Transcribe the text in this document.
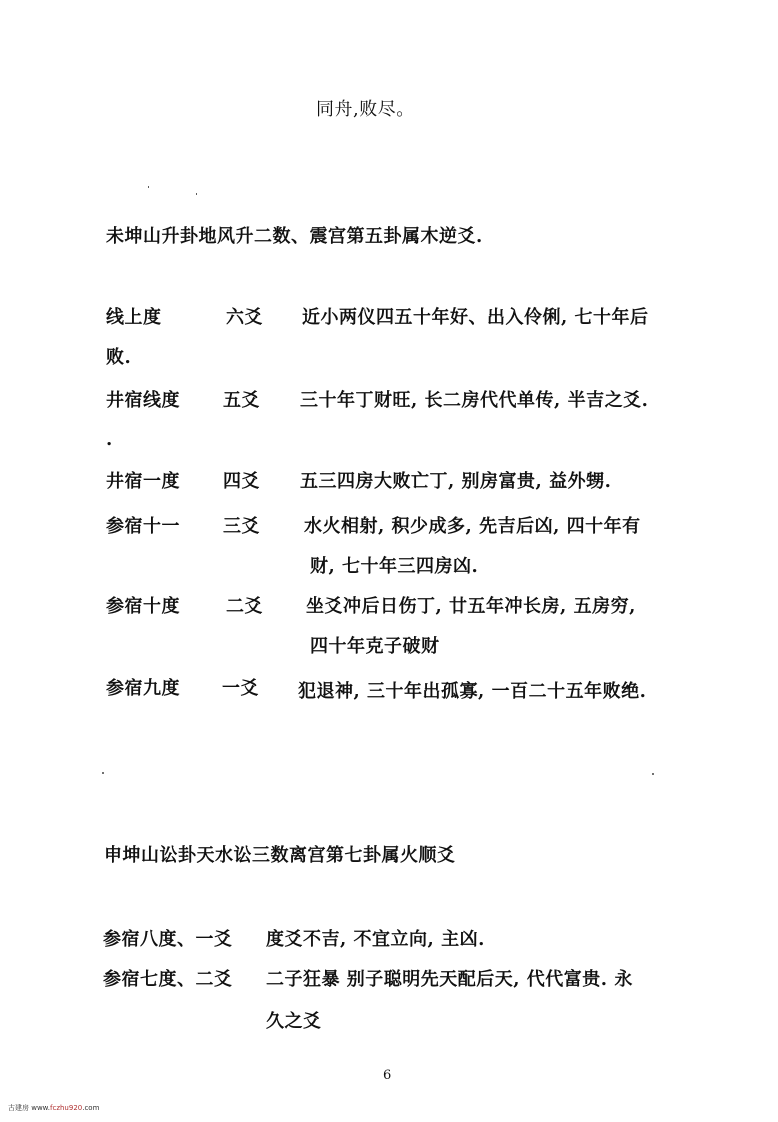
同舟,败尽。
未坤山升卦地风升二数、震宫第五卦属木逆爻.
线上度	六爻 近小两仪四五十年好、出入伶俐, 七十年后
败.
井宿线度 五爻 三十年丁财旺, 长二房代代单传, 半吉之爻.
.
井宿一度 四爻 五三四房大败亡丁, 别房富贵, 益外甥.
参宿十一 三爻 水火相射, 积少成多, 先吉后凶, 四十年有
财, 七十年三四房凶.
参宿十度	二爻 坐爻冲后日伤丁, 廿五年冲长房, 五房穷,
四十年克子破财
参宿九度 一爻 犯退神, 三十年出孤寡, 一百二十五年败绝.
申坤山讼卦天水讼三数离宫第七卦属火顺爻
参宿八度、一爻 度爻不吉, 不宜立向, 主凶.
参宿七度、二爻 二子狂暴 别子聪明先天配后天, 代代富贵. 永
久之爻
6
古建房 www.fczhu920.com
